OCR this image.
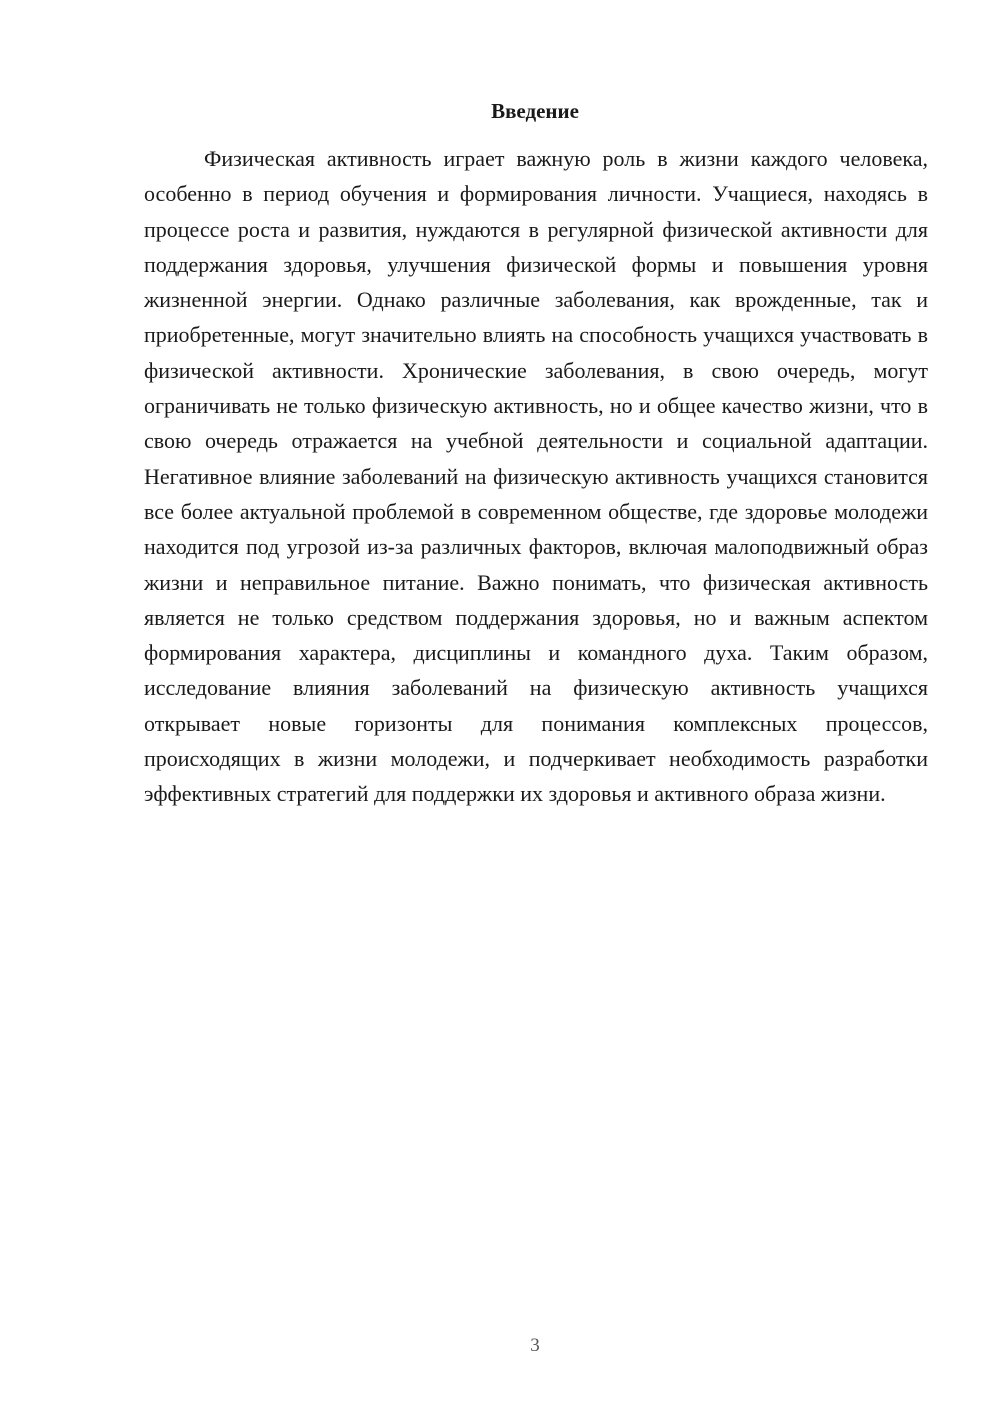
Введение

Физическая активность играет важную роль в жизни каждого человека, особенно в период обучения и формирования личности. Учащиеся, находясь в процессе роста и развития, нуждаются в регулярной физической активности для поддержания здоровья, улучшения физической формы и повышения уровня жизненной энергии. Однако различные заболевания, как врожденные, так и приобретенные, могут значительно влиять на способность учащихся участвовать в физической активности. Хронические заболевания, в свою очередь, могут ограничивать не только физическую активность, но и общее качество жизни, что в свою очередь отражается на учебной деятельности и социальной адаптации. Негативное влияние заболеваний на физическую активность учащихся становится все более актуальной проблемой в современном обществе, где здоровье молодежи находится под угрозой из-за различных факторов, включая малоподвижный образ жизни и неправильное питание. Важно понимать, что физическая активность является не только средством поддержания здоровья, но и важным аспектом формирования характера, дисциплины и командного духа. Таким образом, исследование влияния заболеваний на физическую активность учащихся открывает новые горизонты для понимания комплексных процессов, происходящих в жизни молодежи, и подчеркивает необходимость разработки эффективных стратегий для поддержки их здоровья и активного образа жизни.

3
